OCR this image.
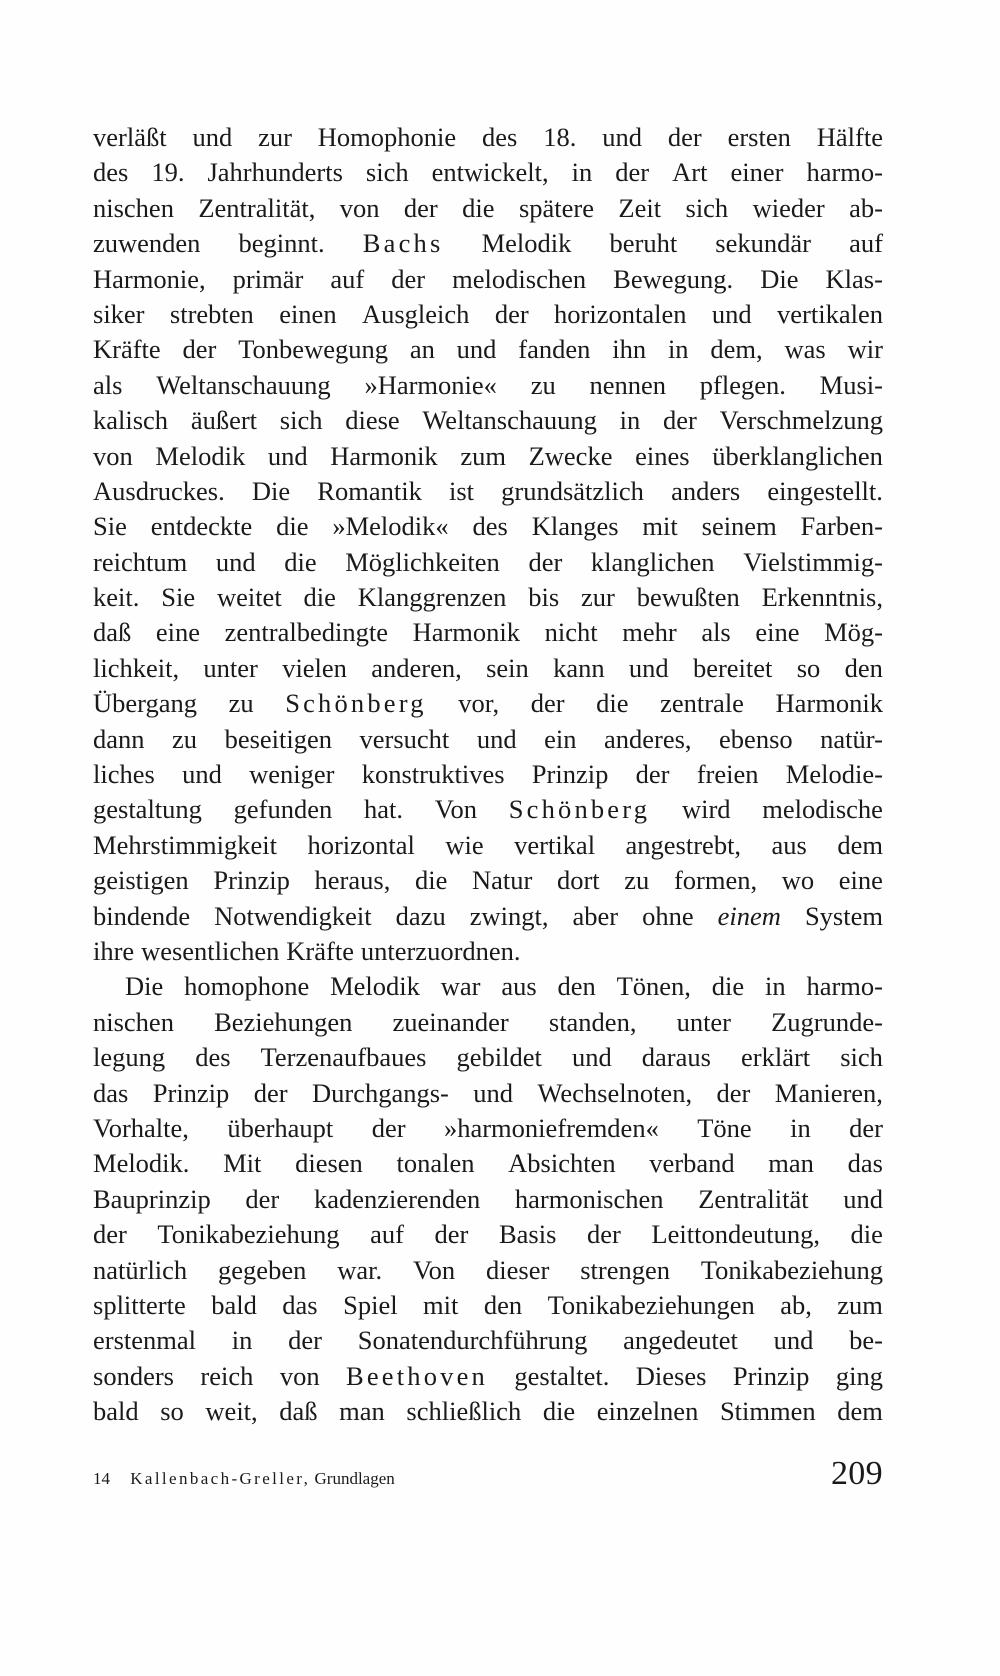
verläßt und zur Homophonie des 18. und der ersten Hälfte
des 19. Jahrhunderts sich entwickelt, in der Art einer harmo-
nischen Zentralität, von der die spätere Zeit sich wieder ab-
zuwenden beginnt. Bachs Melodik beruht sekundär auf
Harmonie, primär auf der melodischen Bewegung. Die Klas-
siker strebten einen Ausgleich der horizontalen und vertikalen
Kräfte der Tonbewegung an und fanden ihn in dem, was wir
als Weltanschauung »Harmonie« zu nennen pflegen. Musi-
kalisch äußert sich diese Weltanschauung in der Verschmelzung
von Melodik und Harmonik zum Zwecke eines überklanglichen
Ausdruckes. Die Romantik ist grundsätzlich anders eingestellt.
Sie entdeckte die »Melodik« des Klanges mit seinem Farben-
reichtum und die Möglichkeiten der klanglichen Vielstimmig-
keit. Sie weitet die Klanggrenzen bis zur bewußten Erkenntnis,
daß eine zentralbedingte Harmonik nicht mehr als eine Mög-
lichkeit, unter vielen anderen, sein kann und bereitet so den
Übergang zu Schönberg vor, der die zentrale Harmonik
dann zu beseitigen versucht und ein anderes, ebenso natür-
liches und weniger konstruktives Prinzip der freien Melodie-
gestaltung gefunden hat. Von Schönberg wird melodische
Mehrstimmigkeit horizontal wie vertikal angestrebt, aus dem
geistigen Prinzip heraus, die Natur dort zu formen, wo eine
bindende Notwendigkeit dazu zwingt, aber ohne einem System
ihre wesentlichen Kräfte unterzuordnen.
Die homophone Melodik war aus den Tönen, die in harmo-
nischen Beziehungen zueinander standen, unter Zugrunde-
legung des Terzenaufbaues gebildet und daraus erklärt sich
das Prinzip der Durchgangs- und Wechselnoten, der Manieren,
Vorhalte, überhaupt der »harmoniefremden« Töne in der
Melodik. Mit diesen tonalen Absichten verband man das
Bauprinzip der kadenzierenden harmonischen Zentralität und
der Tonikabeziehung auf der Basis der Leittondeutung, die
natürlich gegeben war. Von dieser strengen Tonikabeziehung
splitterte bald das Spiel mit den Tonikabeziehungen ab, zum
erstenmal in der Sonatendurchführung angedeutet und be-
sonders reich von Beethoven gestaltet. Dieses Prinzip ging
bald so weit, daß man schließlich die einzelnen Stimmen dem
14 Kallenbach-Greller, Grundlagen	209
